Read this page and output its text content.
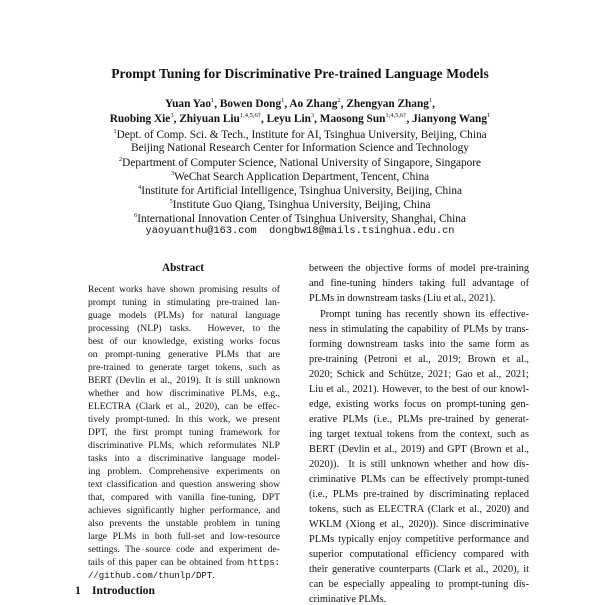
Prompt Tuning for Discriminative Pre-trained Language Models
Yuan Yao$^1$, Bowen Dong$^1$, Ao Zhang$^2$, Zhengyan Zhang$^1$,
Ruobing Xie$^3$, Zhiyuan Liu$^{1,4,5,6\dagger}$, Leyu Lin$^3$, Maosong Sun$^{1,4,5,6\dagger}$, Jianyong Wang$^1$
$^1$Dept. of Comp. Sci. & Tech., Institute for AI, Tsinghua University, Beijing, China
Beijing National Research Center for Information Science and Technology
$^2$Department of Computer Science, National University of Singapore, Singapore
$^3$WeChat Search Application Department, Tencent, China
$^4$Institute for Artificial Intelligence, Tsinghua University, Beijing, China
$^5$Institute Guo Qiang, Tsinghua University, Beijing, China
$^6$International Innovation Center of Tsinghua University, Shanghai, China
yaoyuanthu@163.com  dongbw18@mails.tsinghua.edu.cn
Abstract
Recent works have shown promising results of
prompt tuning in stimulating pre-trained lan-
guage models (PLMs) for natural language
processing (NLP) tasks.  However, to the
best of our knowledge, existing works focus
on prompt-tuning generative PLMs that are
pre-trained to generate target tokens, such as
BERT (Devlin et al., 2019). It is still unknown
whether and how discriminative PLMs, e.g.,
ELECTRA (Clark et al., 2020), can be effec-
tively prompt-tuned. In this work, we present
DPT, the first prompt tuning framework for
discriminative PLMs, which reformulates NLP
tasks into a discriminative language model-
ing problem. Comprehensive experiments on
text classification and question answering show
that, compared with vanilla fine-tuning, DPT
achieves significantly higher performance, and
also prevents the unstable problem in tuning
large PLMs in both full-set and low-resource
settings. The source code and experiment de-
tails of this paper can be obtained from https:
//github.com/thunlp/DPT.
1 Introduction
between the objective forms of model pre-training
and fine-tuning hinders taking full advantage of
PLMs in downstream tasks (Liu et al., 2021).
Prompt tuning has recently shown its effective-
ness in stimulating the capability of PLMs by trans-
forming downstream tasks into the same form as
pre-training (Petroni et al., 2019; Brown et al.,
2020; Schick and Schütze, 2021; Gao et al., 2021;
Liu et al., 2021). However, to the best of our knowl-
edge, existing works focus on prompt-tuning gen-
erative PLMs (i.e., PLMs pre-trained by generat-
ing target textual tokens from the context, such as
BERT (Devlin et al., 2019) and GPT (Brown et al.,
2020)).  It is still unknown whether and how dis-
criminative PLMs can be effectively prompt-tuned
(i.e., PLMs pre-trained by discriminating replaced
tokens, such as ELECTRA (Clark et al., 2020) and
WKLM (Xiong et al., 2020)). Since discriminative
PLMs typically enjoy competitive performance and
superior computational efficiency compared with
their generative counterparts (Clark et al., 2020), it
can be especially appealing to prompt-tuning dis-
criminative PLMs.
